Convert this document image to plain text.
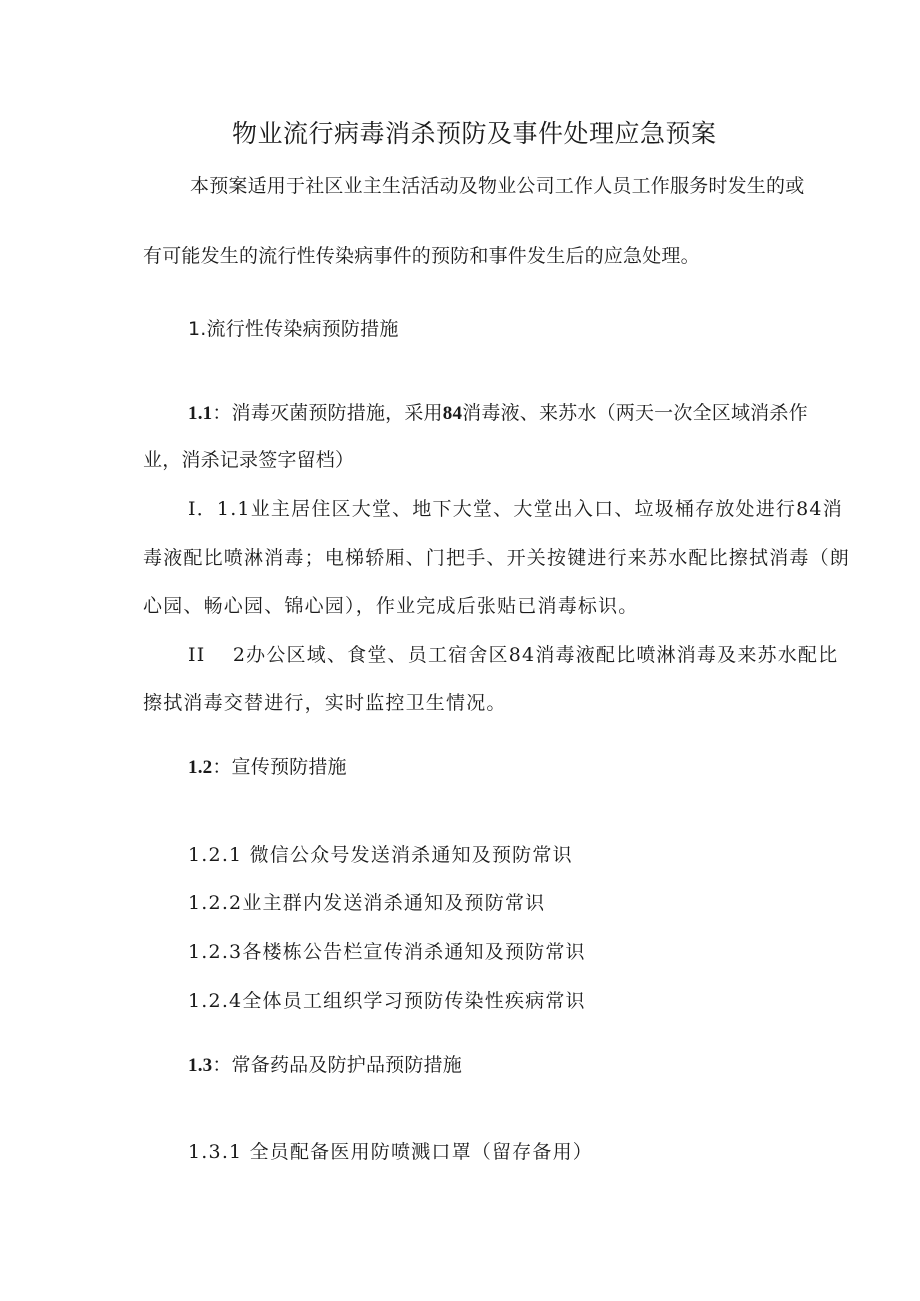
物业流行病毒消杀预防及事件处理应急预案

本预案适用于社区业主生活活动及物业公司工作人员工作服务时发生的或

有可能发生的流行性传染病事件的预防和事件发生后的应急处理。

1.流行性传染病预防措施

1.1：消毒灭菌预防措施，采用84消毒液、来苏水（两天一次全区域消杀作

业，消杀记录签字留档）

I．1.1业主居住区大堂、地下大堂、大堂出入口、垃圾桶存放处进行84消

毒液配比喷淋消毒；电梯轿厢、门把手、开关按键进行来苏水配比擦拭消毒（朗

心园、畅心园、锦心园），作业完成后张贴已消毒标识。

II　 2办公区域、食堂、员工宿舍区84消毒液配比喷淋消毒及来苏水配比

擦拭消毒交替进行，实时监控卫生情况。

1.2：宣传预防措施

1.2.1 微信公众号发送消杀通知及预防常识

1.2.2业主群内发送消杀通知及预防常识

1.2.3各楼栋公告栏宣传消杀通知及预防常识

1.2.4全体员工组织学习预防传染性疾病常识

1.3：常备药品及防护品预防措施

1.3.1 全员配备医用防喷溅口罩（留存备用）
